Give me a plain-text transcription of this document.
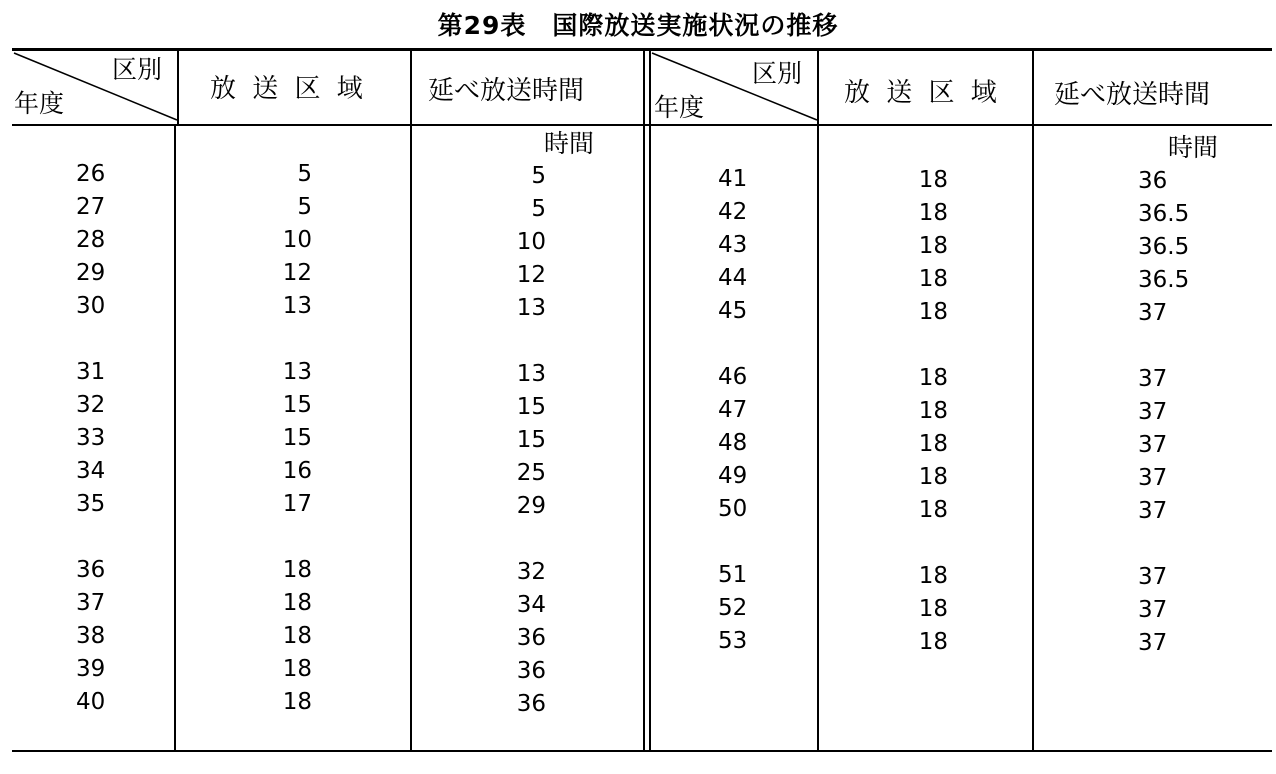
第29表　国際放送実施状況の推移
区別
年度	放 送 区 域 延べ放送時間
時間
区別
年度	放 送 区 域 延べ放送時間
時間
26
27
28
29
30
31
32
33
34
35
36
37
38
39
40
5
5
10
12
13
13
15
15
16
17
18
18
18
18
18
5
5
10
12
13
13
15
15
25
29
32
34
36
36
36
41
42
43
44
45
46
47
48
49
50
51
52
53
18
18
18
18
18
18
18
18
18
18
18
18
18
36
36.5
36.5
36.5
37
37
37
37
37
37
37
37
37
